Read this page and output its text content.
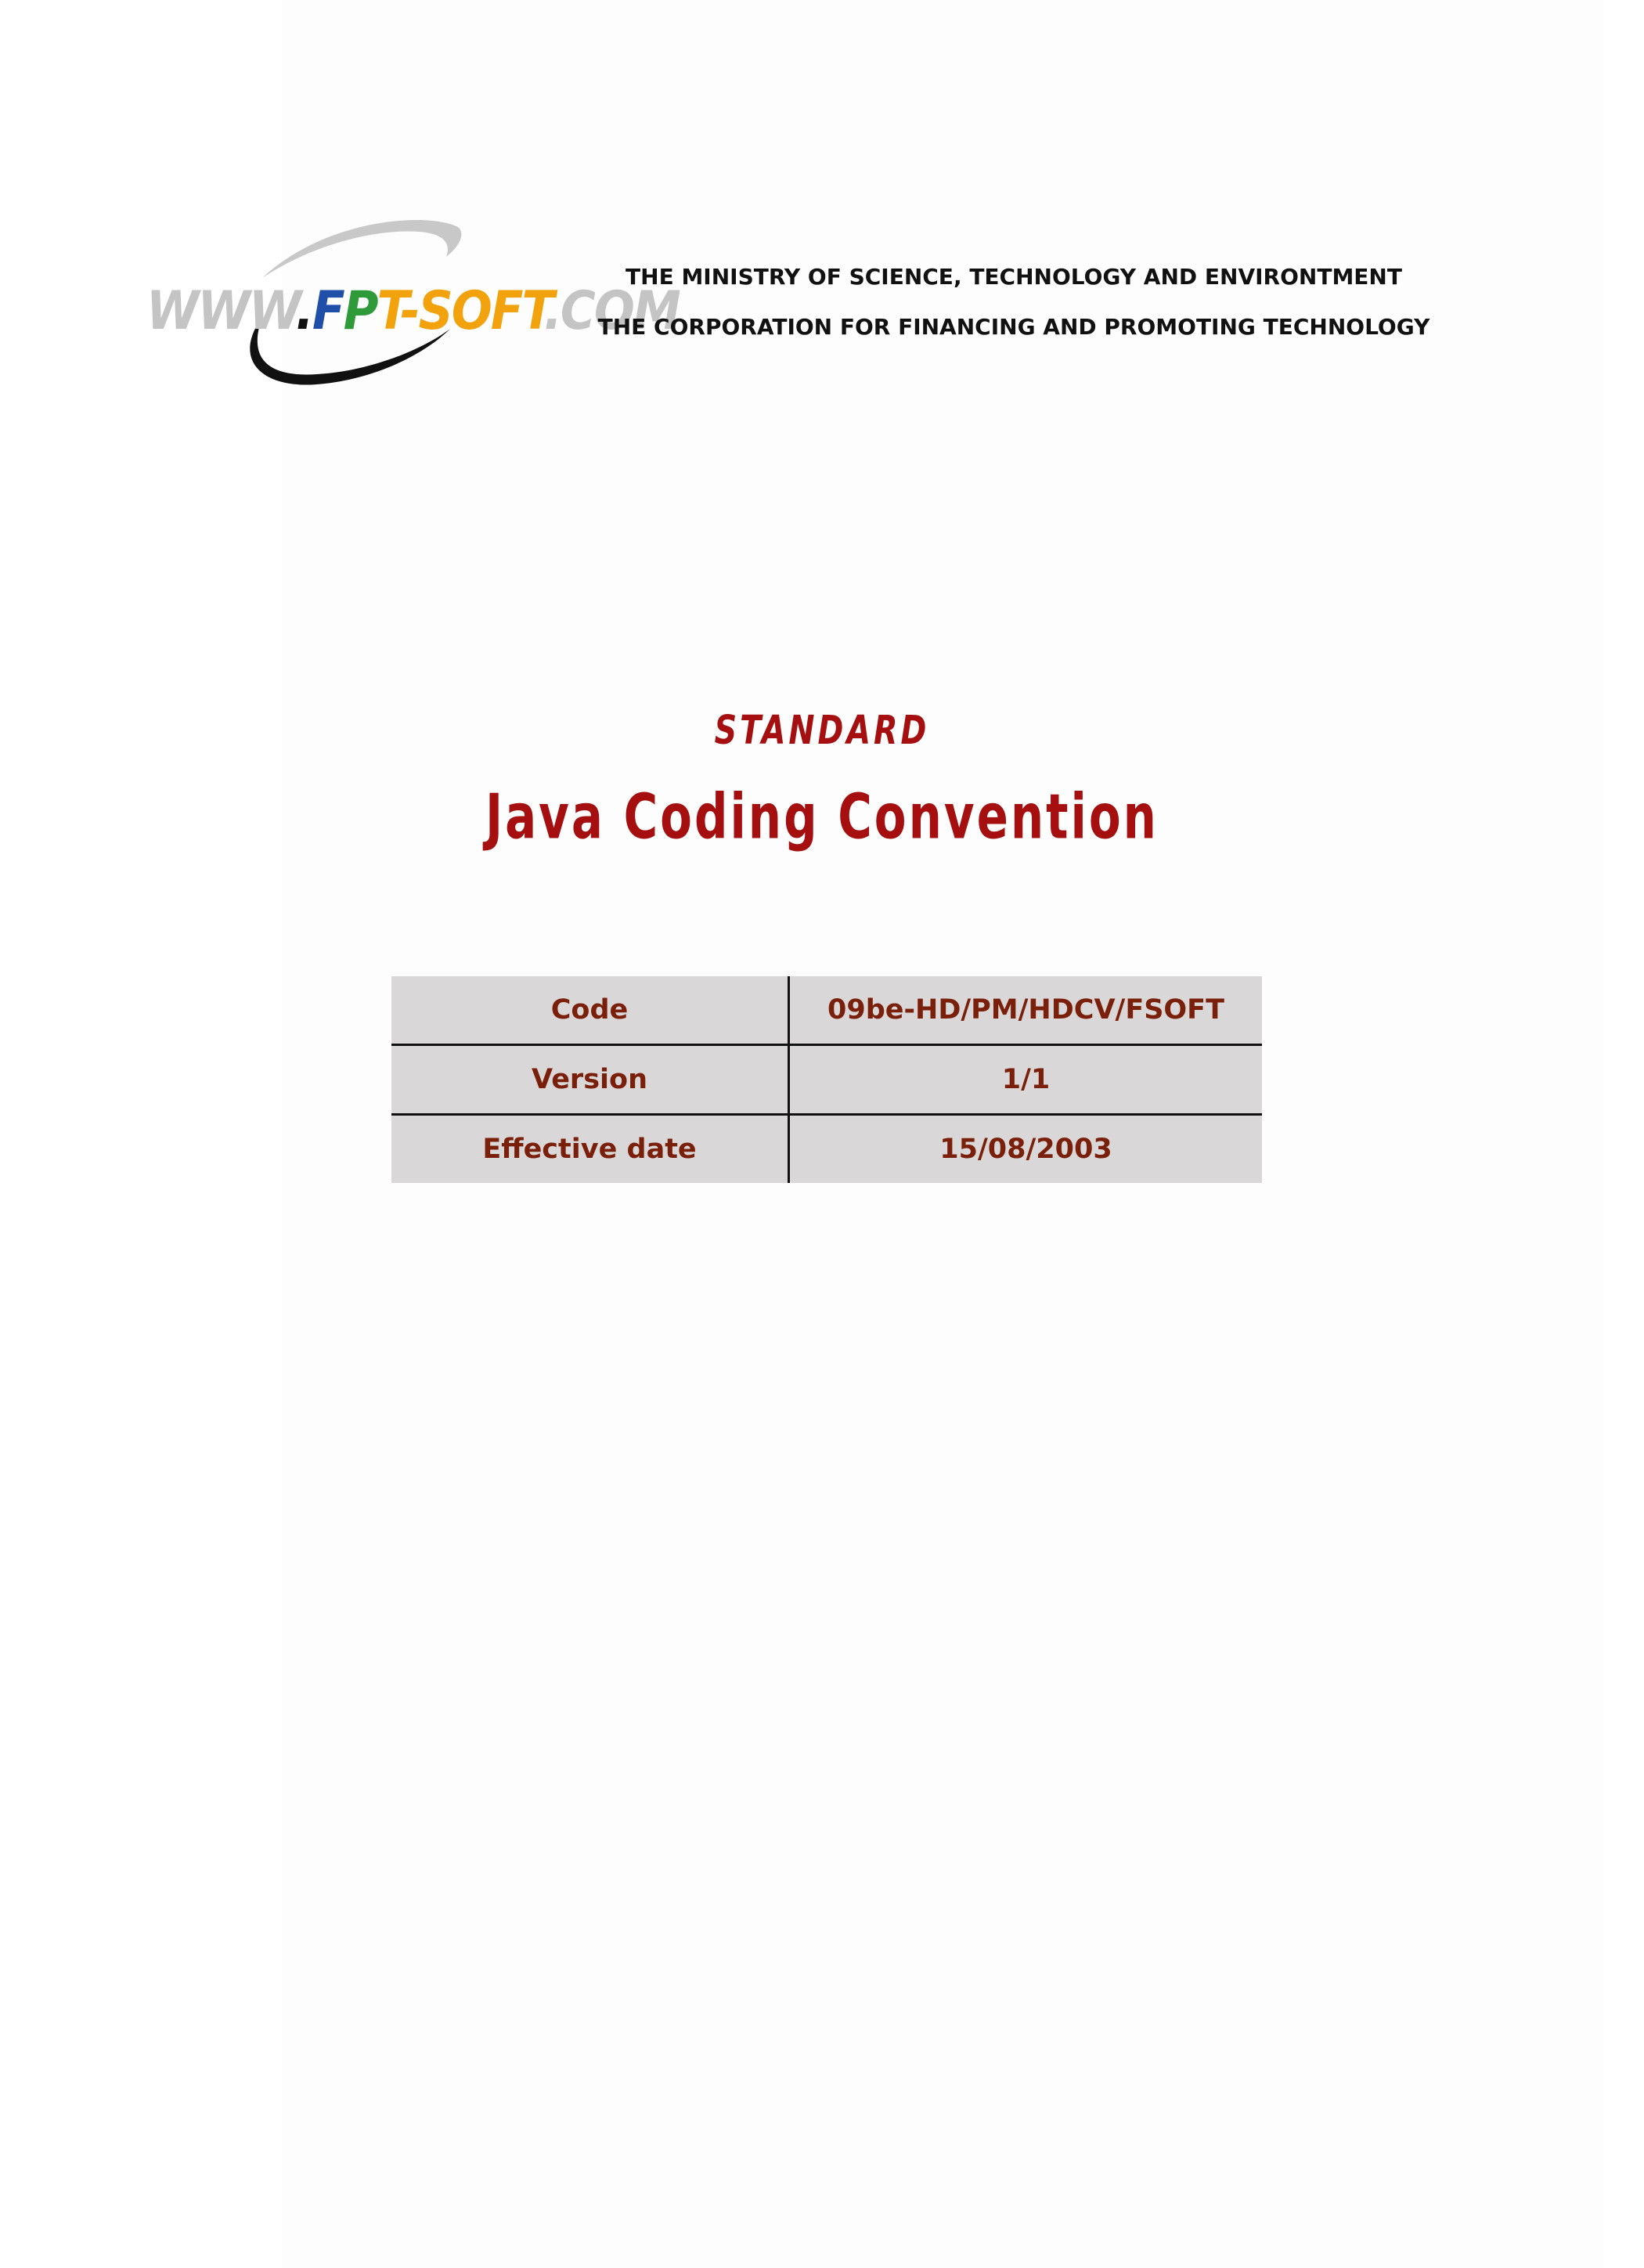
WWW.FPT-SOFT.COM
THE MINISTRY OF SCIENCE, TECHNOLOGY AND ENVIRONTMENT
THE CORPORATION FOR FINANCING AND PROMOTING TECHNOLOGY
STANDARD
Java Coding Convention
Code	09be-HD/PM/HDCV/FSOFT
Version	1/1
Effective date	15/08/2003
